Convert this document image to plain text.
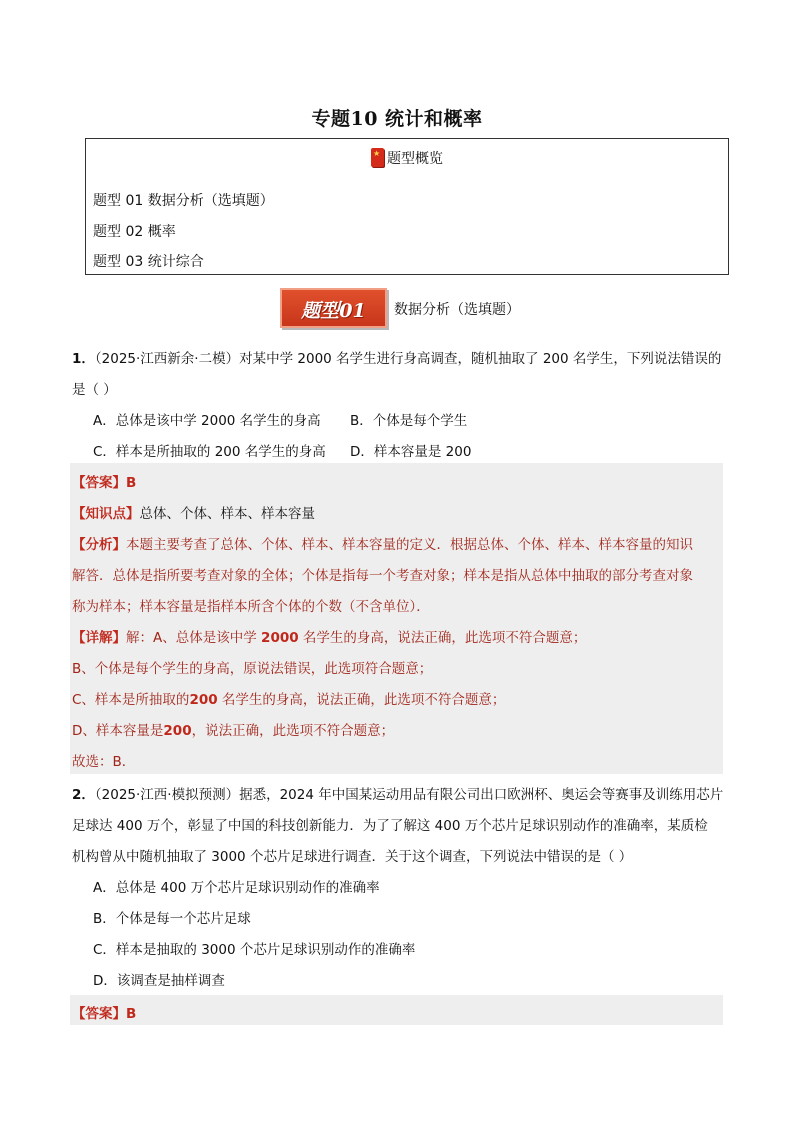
专题10 统计和概率
★题型概览
题型 01 数据分析（选填题）
题型 02 概率
题型 03 统计综合
题型01	数据分析（选填题）
1．（2025·江西新余·二模）对某中学 2000 名学生进行身高调查，随机抽取了 200 名学生，下列说法错误的
是（ ）
A．总体是该中学 2000 名学生的身高 B．个体是每个学生
C．样本是所抽取的 200 名学生的身高 D．样本容量是 200
【答案】B
【知识点】总体、个体、样本、样本容量
【分析】本题主要考查了总体、个体、样本、样本容量的定义．根据总体、个体、样本、样本容量的知识
解答．总体是指所要考查对象的全体；个体是指每一个考查对象；样本是指从总体中抽取的部分考查对象
称为样本；样本容量是指样本所含个体的个数（不含单位）．
【详解】解：A、总体是该中学 2000 名学生的身高，说法正确，此选项不符合题意；
B、个体是每个学生的身高，原说法错误，此选项符合题意；
C、样本是所抽取的200 名学生的身高，说法正确，此选项不符合题意；
D、样本容量是200，说法正确，此选项不符合题意；
故选：B．
2．（2025·江西·模拟预测）据悉，2024 年中国某运动用品有限公司出口欧洲杯、奥运会等赛事及训练用芯片
足球达 400 万个，彰显了中国的科技创新能力．为了了解这 400 万个芯片足球识别动作的准确率，某质检
机构曾从中随机抽取了 3000 个芯片足球进行调查．关于这个调查，下列说法中错误的是（ ）
A．总体是 400 万个芯片足球识别动作的准确率
B．个体是每一个芯片足球
C．样本是抽取的 3000 个芯片足球识别动作的准确率
D．该调查是抽样调查
【答案】B
